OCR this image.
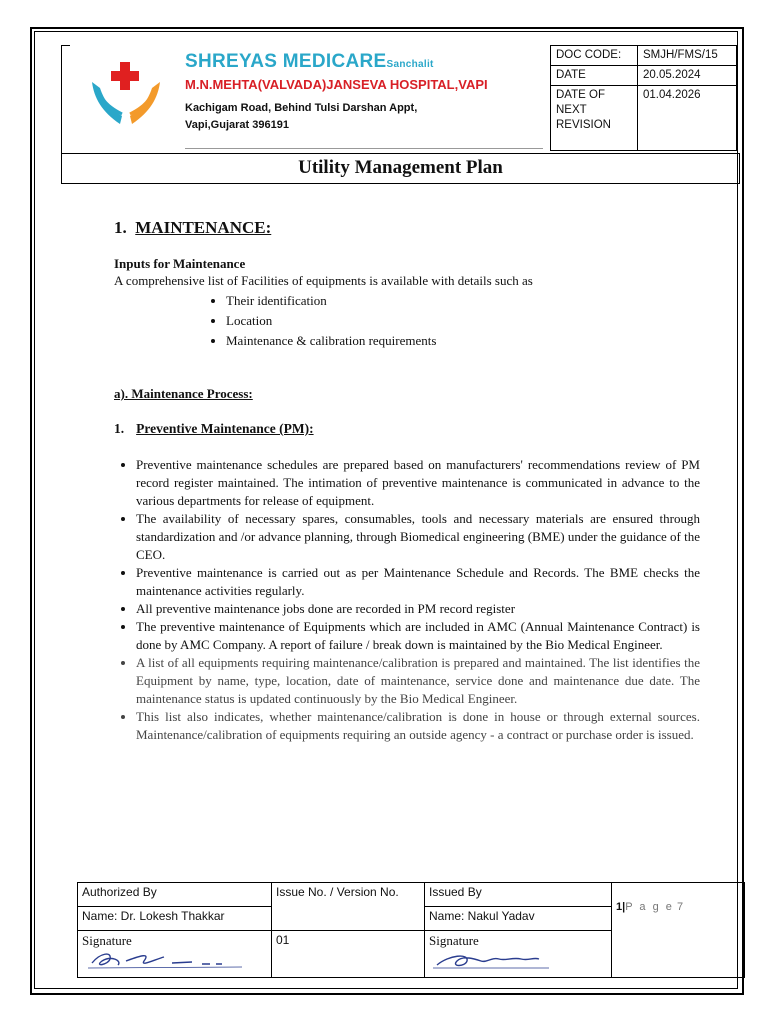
SHREYAS MEDICARESanchalit
M.N.MEHTA(VALVADA)JANSEVA HOSPITAL,VAPI
Kachigam Road, Behind Tulsi Darshan Appt,
Vapi,Gujarat 396191
DOC CODE:	SMJH/FMS/15
DATE	20.05.2024
DATE OF NEXT REVISION	01.04.2026
Utility Management Plan
1. MAINTENANCE:
Inputs for Maintenance
A comprehensive list of Facilities of equipments is available with details such as
• Their identification
• Location
• Maintenance & calibration requirements
a). Maintenance Process:
1. Preventive Maintenance (PM):
• Preventive maintenance schedules are prepared based on manufacturers' recommendations review of PM record register maintained. The intimation of preventive maintenance is communicated in advance to the various departments for release of equipment.
• The availability of necessary spares, consumables, tools and necessary materials are ensured through standardization and /or advance planning, through Biomedical engineering (BME) under the guidance of the CEO.
• Preventive maintenance is carried out as per Maintenance Schedule and Records. The BME checks the maintenance activities regularly.
• All preventive maintenance jobs done are recorded in PM record register
• The preventive maintenance of Equipments which are included in AMC (Annual Maintenance Contract) is done by AMC Company. A report of failure / break down is maintained by the Bio Medical Engineer.
• A list of all equipments requiring maintenance/calibration is prepared and maintained. The list identifies the Equipment by name, type, location, date of maintenance, service done and maintenance due date. The maintenance status is updated continuously by the Bio Medical Engineer.
• This list also indicates, whether maintenance/calibration is done in house or through external sources. Maintenance/calibration of equipments requiring an outside agency - a contract or purchase order is issued.
Authorized By	Issue No. / Version No.	Issued By	1|P a g e 7
Name: Dr. Lokesh Thakkar		Name: Nakul Yadav	

Signature	01	Signature	
